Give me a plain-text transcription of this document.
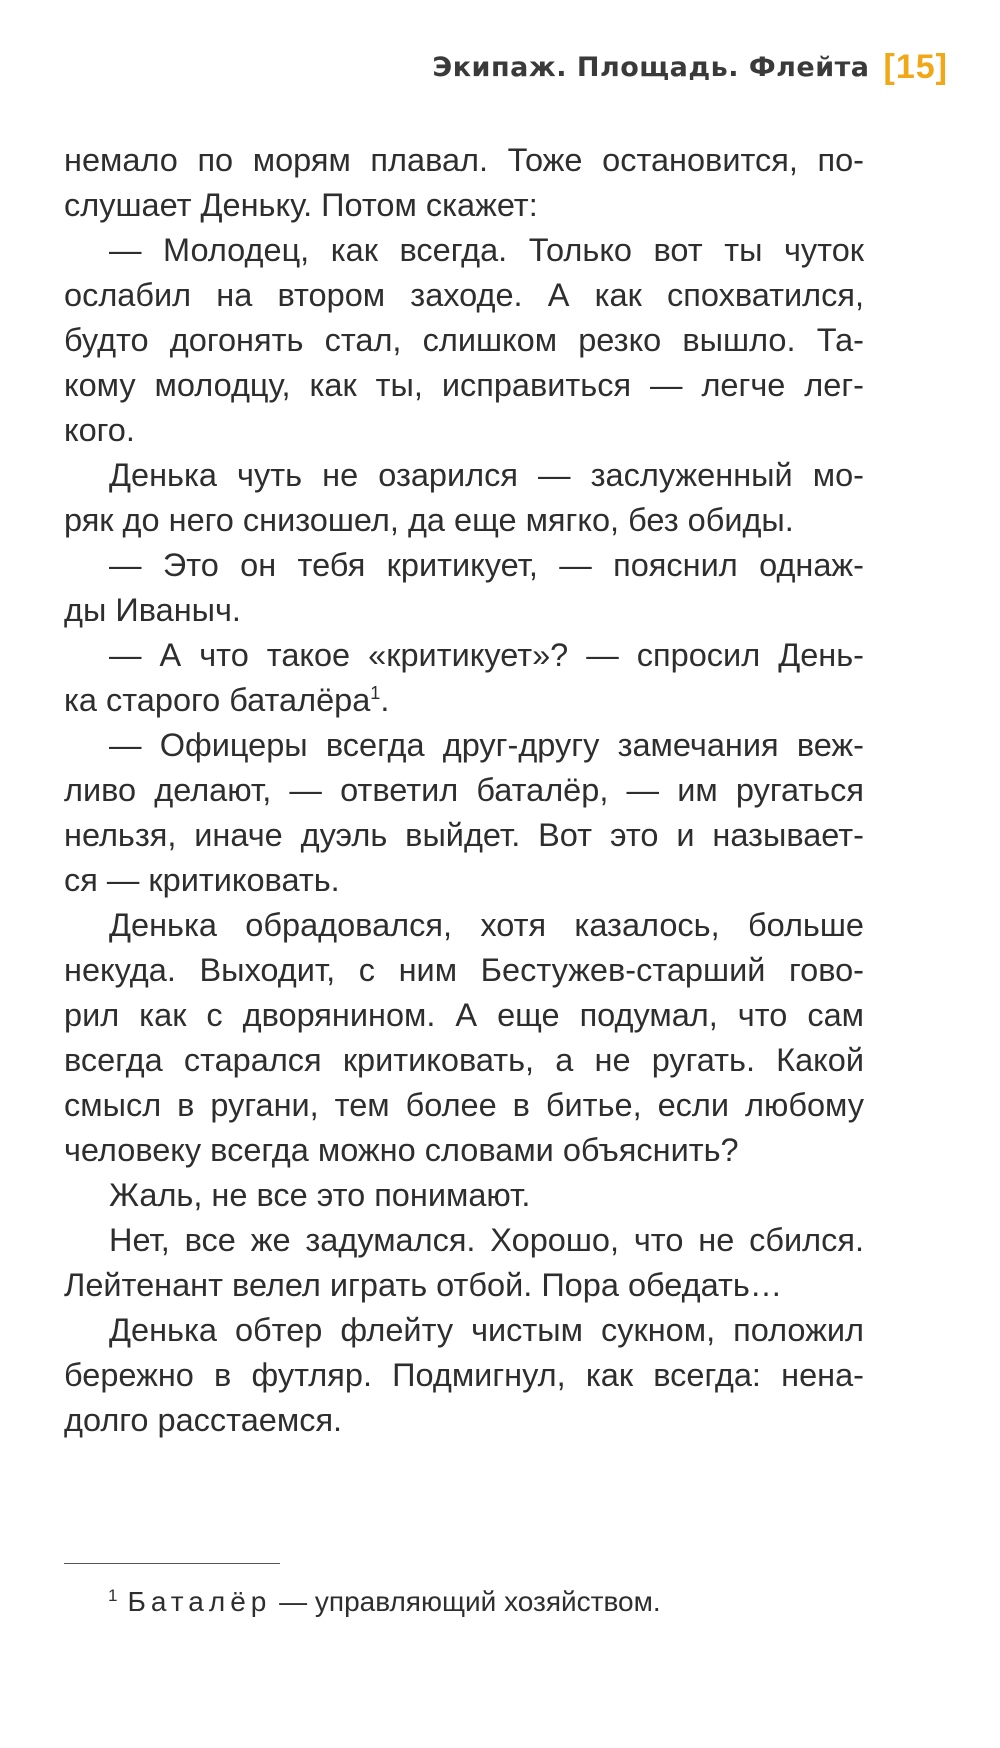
Экипаж. Площадь. Флейта [15]
немало по морям плавал. Тоже остановится, по-
слушает Деньку. Потом скажет:
— Молодец, как всегда. Только вот ты чуток
ослабил на втором заходе. А как спохватился,
будто догонять стал, слишком резко вышло. Та-
кому молодцу, как ты, исправиться — легче лег-
кого.
Денька чуть не озарился — заслуженный мо-
ряк до него снизошел, да еще мягко, без обиды.
— Это он тебя критикует, — пояснил однаж-
ды Иваныч.
— А что такое «критикует»? — спросил День-
ка старого баталёра$^1$.
— Офицеры всегда друг-другу замечания веж-
ливо делают, — ответил баталёр, — им ругаться
нельзя, иначе дуэль выйдет. Вот это и называет-
ся — критиковать.
Денька обрадовался, хотя казалось, больше
некуда. Выходит, с ним Бестужев-старший гово-
рил как с дворянином. А еще подумал, что сам
всегда старался критиковать, а не ругать. Какой
смысл в ругани, тем более в битье, если любому
человеку всегда можно словами объяснить?
Жаль, не все это понимают.
Нет, все же задумался. Хорошо, что не сбился.
Лейтенант велел играть отбой. Пора обедать…
Денька обтер флейту чистым сукном, положил
бережно в футляр. Подмигнул, как всегда: нена-
долго расстаемся.
$^1$ Баталёр — управляющий хозяйством.
